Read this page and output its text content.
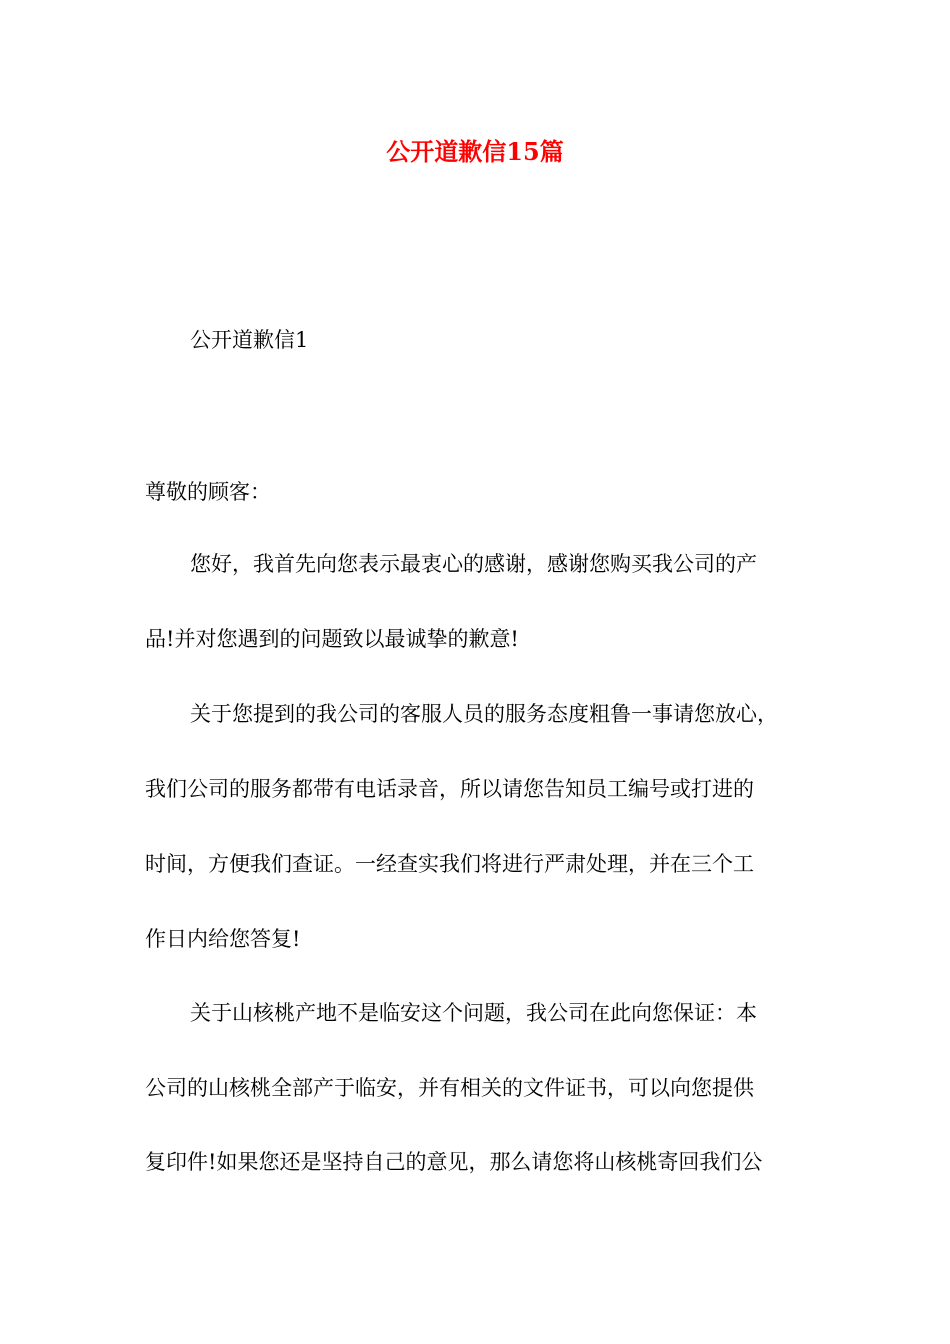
公开道歉信15篇

公开道歉信1

尊敬的顾客：

您好，我首先向您表示最衷心的感谢，感谢您购买我公司的产

品!并对您遇到的问题致以最诚挚的歉意!

关于您提到的我公司的客服人员的服务态度粗鲁一事请您放心，

我们公司的服务都带有电话录音，所以请您告知员工编号或打进的

时间，方便我们查证。一经查实我们将进行严肃处理，并在三个工

作日内给您答复!

关于山核桃产地不是临安这个问题，我公司在此向您保证：本

公司的山核桃全部产于临安，并有相关的文件证书，可以向您提供

复印件!如果您还是坚持自己的意见，那么请您将山核桃寄回我们公
